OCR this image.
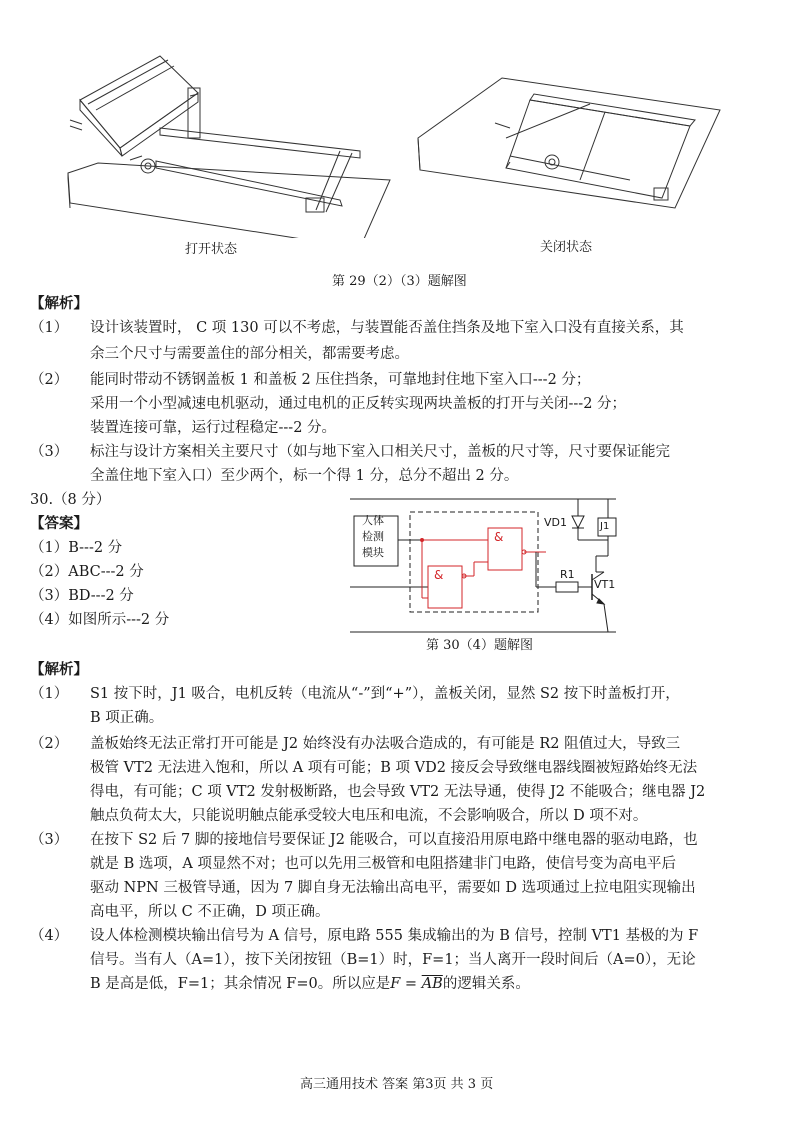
打开状态	关闭状态
第 29（2）（3）题解图
【解析】
（1） 设计该装置时， C 项 130 可以不考虑，与装置能否盖住挡条及地下室入口没有直接关系，其
余三个尺寸与需要盖住的部分相关，都需要考虑。
（2） 能同时带动不锈钢盖板 1 和盖板 2 压住挡条，可靠地封住地下室入口---2 分；
采用一个小型减速电机驱动，通过电机的正反转实现两块盖板的打开与关闭---2 分；
装置连接可靠，运行过程稳定---2 分。
（3） 标注与设计方案相关主要尺寸（如与地下室入口相关尺寸，盖板的尺寸等，尺寸要保证能完
全盖住地下室入口）至少两个，标一个得 1 分，总分不超出 2 分。
30.（8 分）
【答案】
（1）B---2 分
（2）ABC---2 分
（3）BD---2 分
（4）如图所示---2 分
人体
检测
模块
VD1	J1
R1
VT1
&
&
第 30（4）题解图
【解析】
（1） S1 按下时，J1 吸合，电机反转（电流从“-”到“+”），盖板关闭，显然 S2 按下时盖板打开，
B 项正确。
（2） 盖板始终无法正常打开可能是 J2 始终没有办法吸合造成的，有可能是 R2 阻值过大，导致三
极管 VT2 无法进入饱和，所以 A 项有可能；B 项 VD2 接反会导致继电器线圈被短路始终无法
得电，有可能；C 项 VT2 发射极断路，也会导致 VT2 无法导通，使得 J2 不能吸合；继电器 J2
触点负荷太大，只能说明触点能承受较大电压和电流，不会影响吸合，所以 D 项不对。
（3） 在按下 S2 后 7 脚的接地信号要保证 J2 能吸合，可以直接沿用原电路中继电器的驱动电路，也
就是 B 选项，A 项显然不对；也可以先用三极管和电阻搭建非门电路，使信号变为高电平后
驱动 NPN 三极管导通，因为 7 脚自身无法输出高电平，需要如 D 选项通过上拉电阻实现输出
高电平，所以 C 不正确，D 项正确。
（4） 设人体检测模块输出信号为 A 信号，原电路 555 集成输出的为 B 信号，控制 VT1 基极的为 F
信号。当有人（A=1），按下关闭按钮（B=1）时，F=1；当人离开一段时间后（A=0），无论
B 是高是低，F=1；其余情况 F=0。所以应是$F = \overline{AB}$的逻辑关系。
高三通用技术 答案 第3页 共 3 页
